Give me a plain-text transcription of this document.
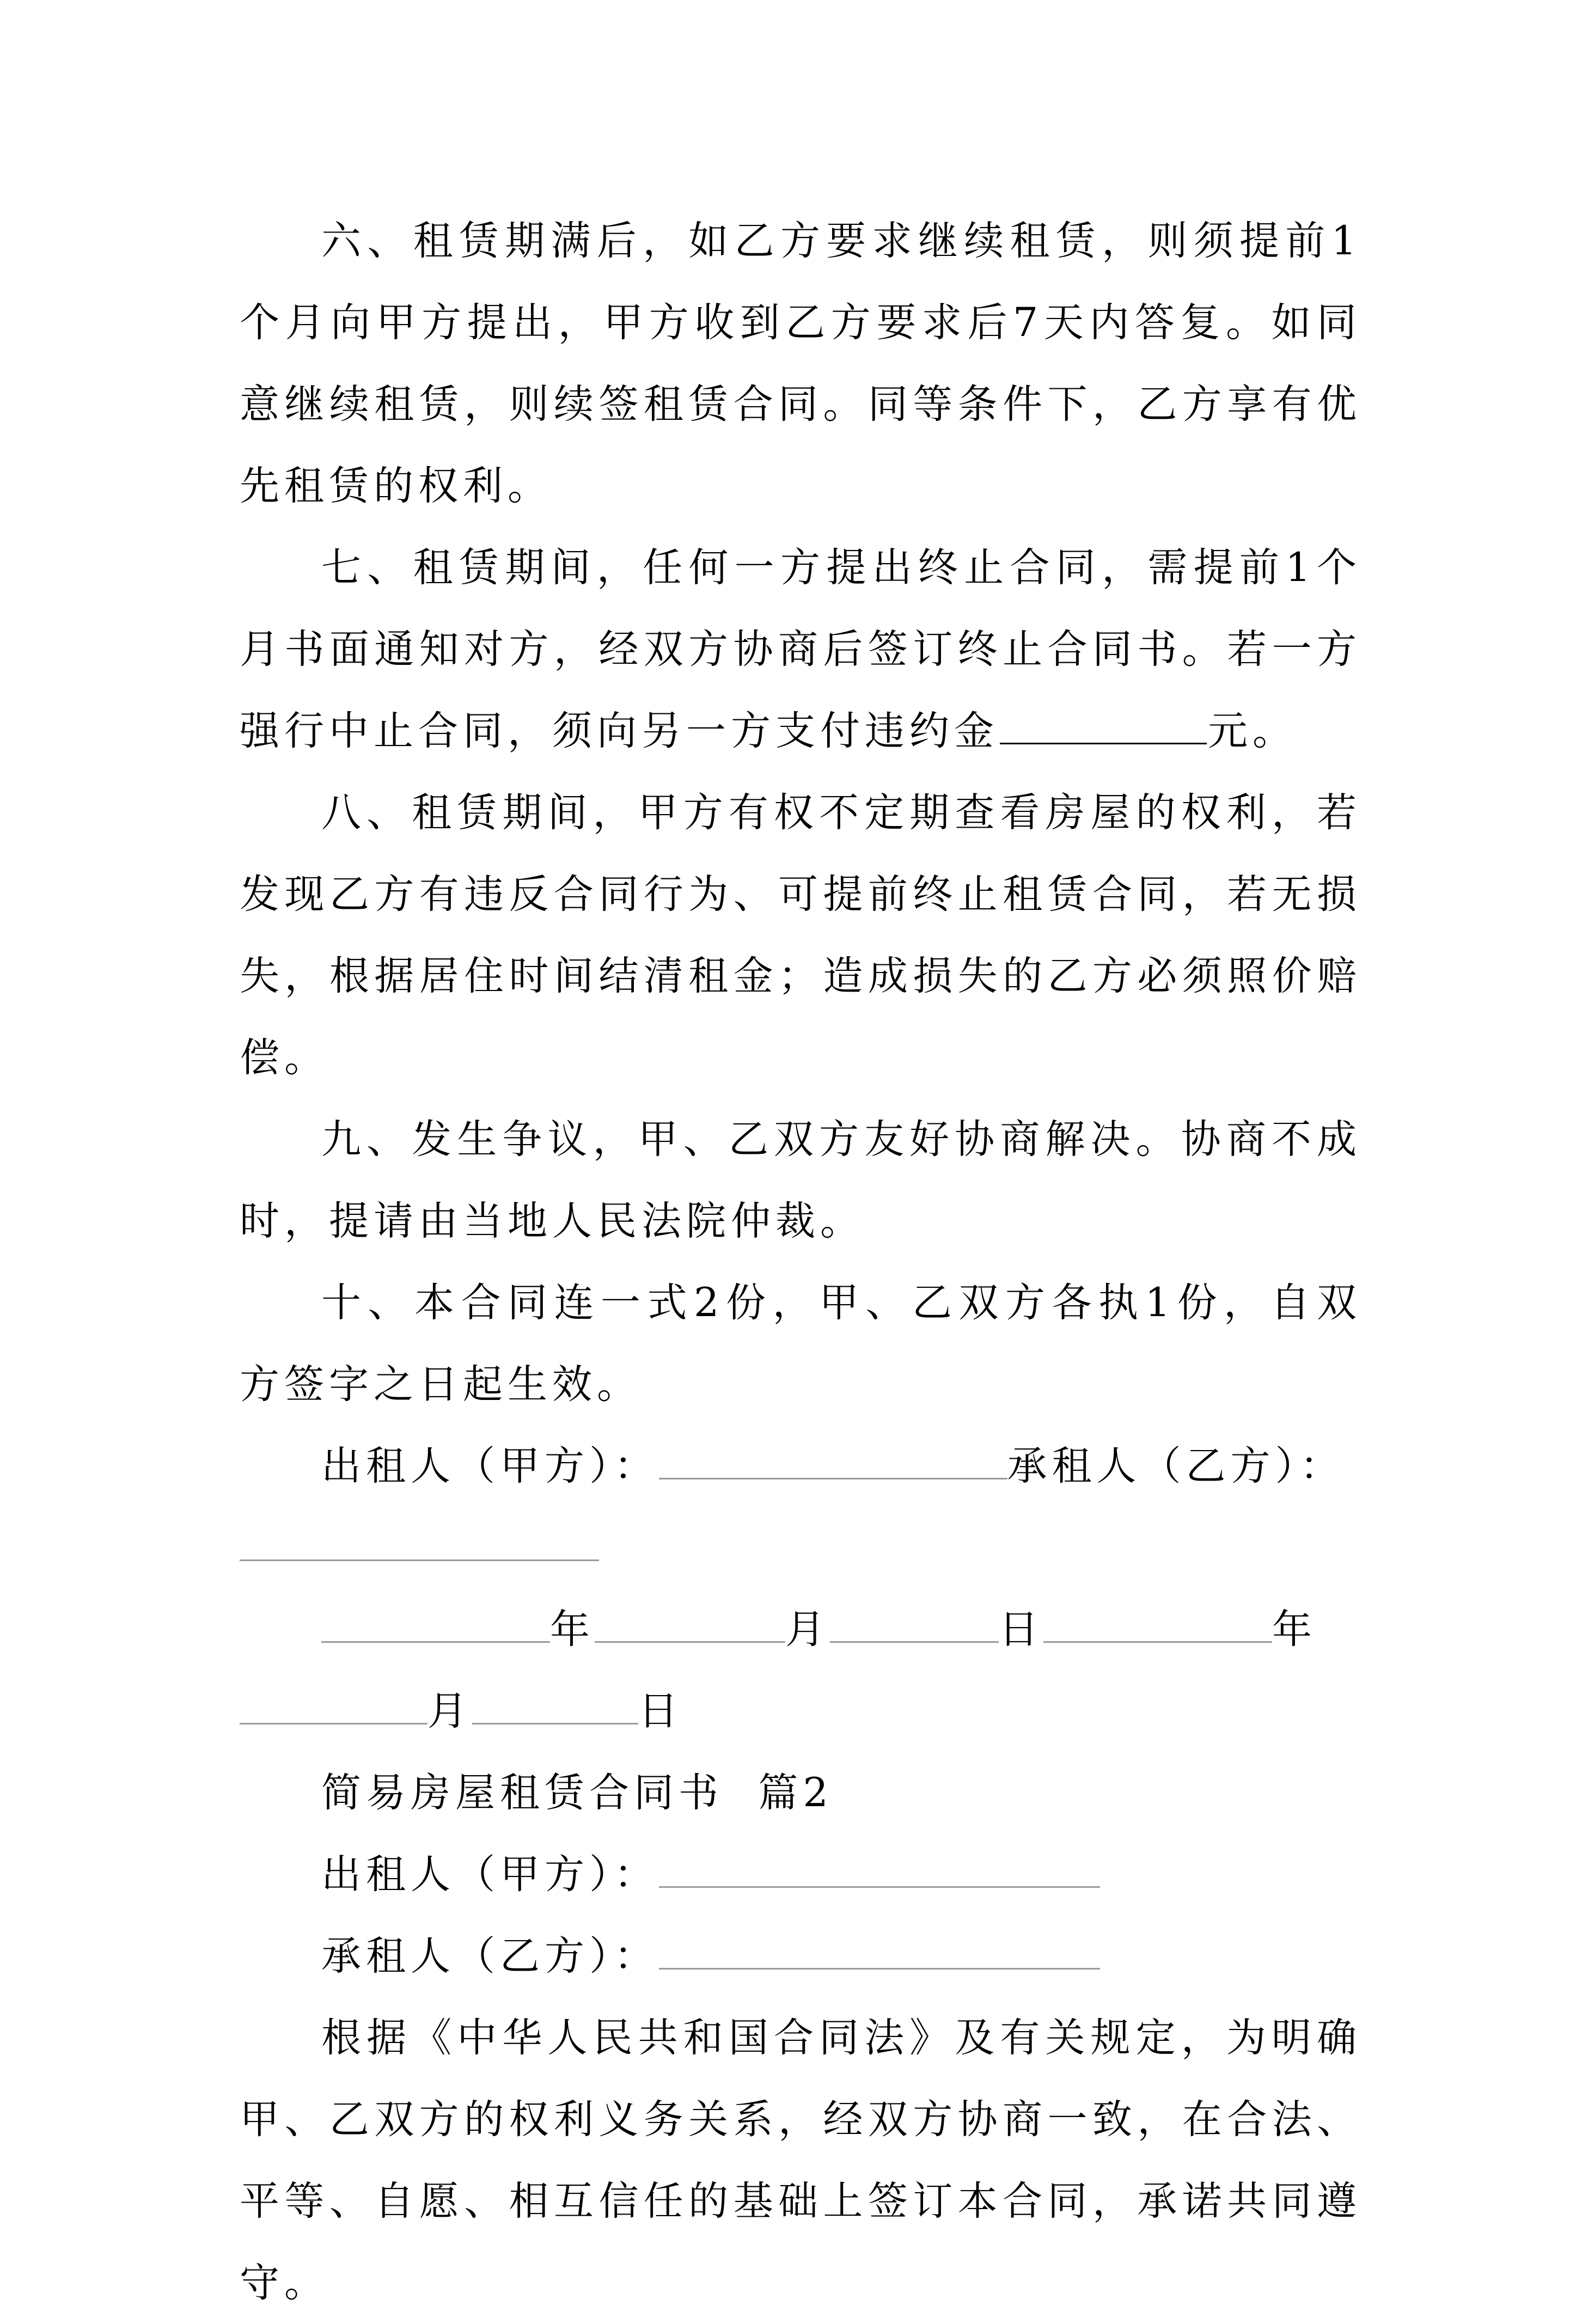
六、租赁期满后，如乙方要求继续租赁，则须提前1个月向甲方提出，甲方收到乙方要求后7天内答复。如同意继续租赁，则续签租赁合同。同等条件下，乙方享有优先租赁的权利。

七、租赁期间，任何一方提出终止合同，需提前1个月书面通知对方，经双方协商后签订终止合同书。若一方强行中止合同，须向另一方支付违约金	元。

八、租赁期间，甲方有权不定期查看房屋的权利，若发现乙方有违反合同行为、可提前终止租赁合同，若无损失，根据居住时间结清租金；造成损失的乙方必须照价赔偿。

九、发生争议，甲、乙双方友好协商解决。协商不成时，提请由当地人民法院仲裁。

十、本合同连一式2份，甲、乙双方各执1份，自双方签字之日起生效。

出租人（甲方）：	承租人（乙方）：
年	月	日	年
月	日
简易房屋租赁合同书  篇2
出租人（甲方）：
承租人（乙方）：

根据《中华人民共和国合同法》及有关规定，为明确甲、乙双方的权利义务关系，经双方协商一致，在合法、平等、自愿、相互信任的基础上签订本合同，承诺共同遵守。
